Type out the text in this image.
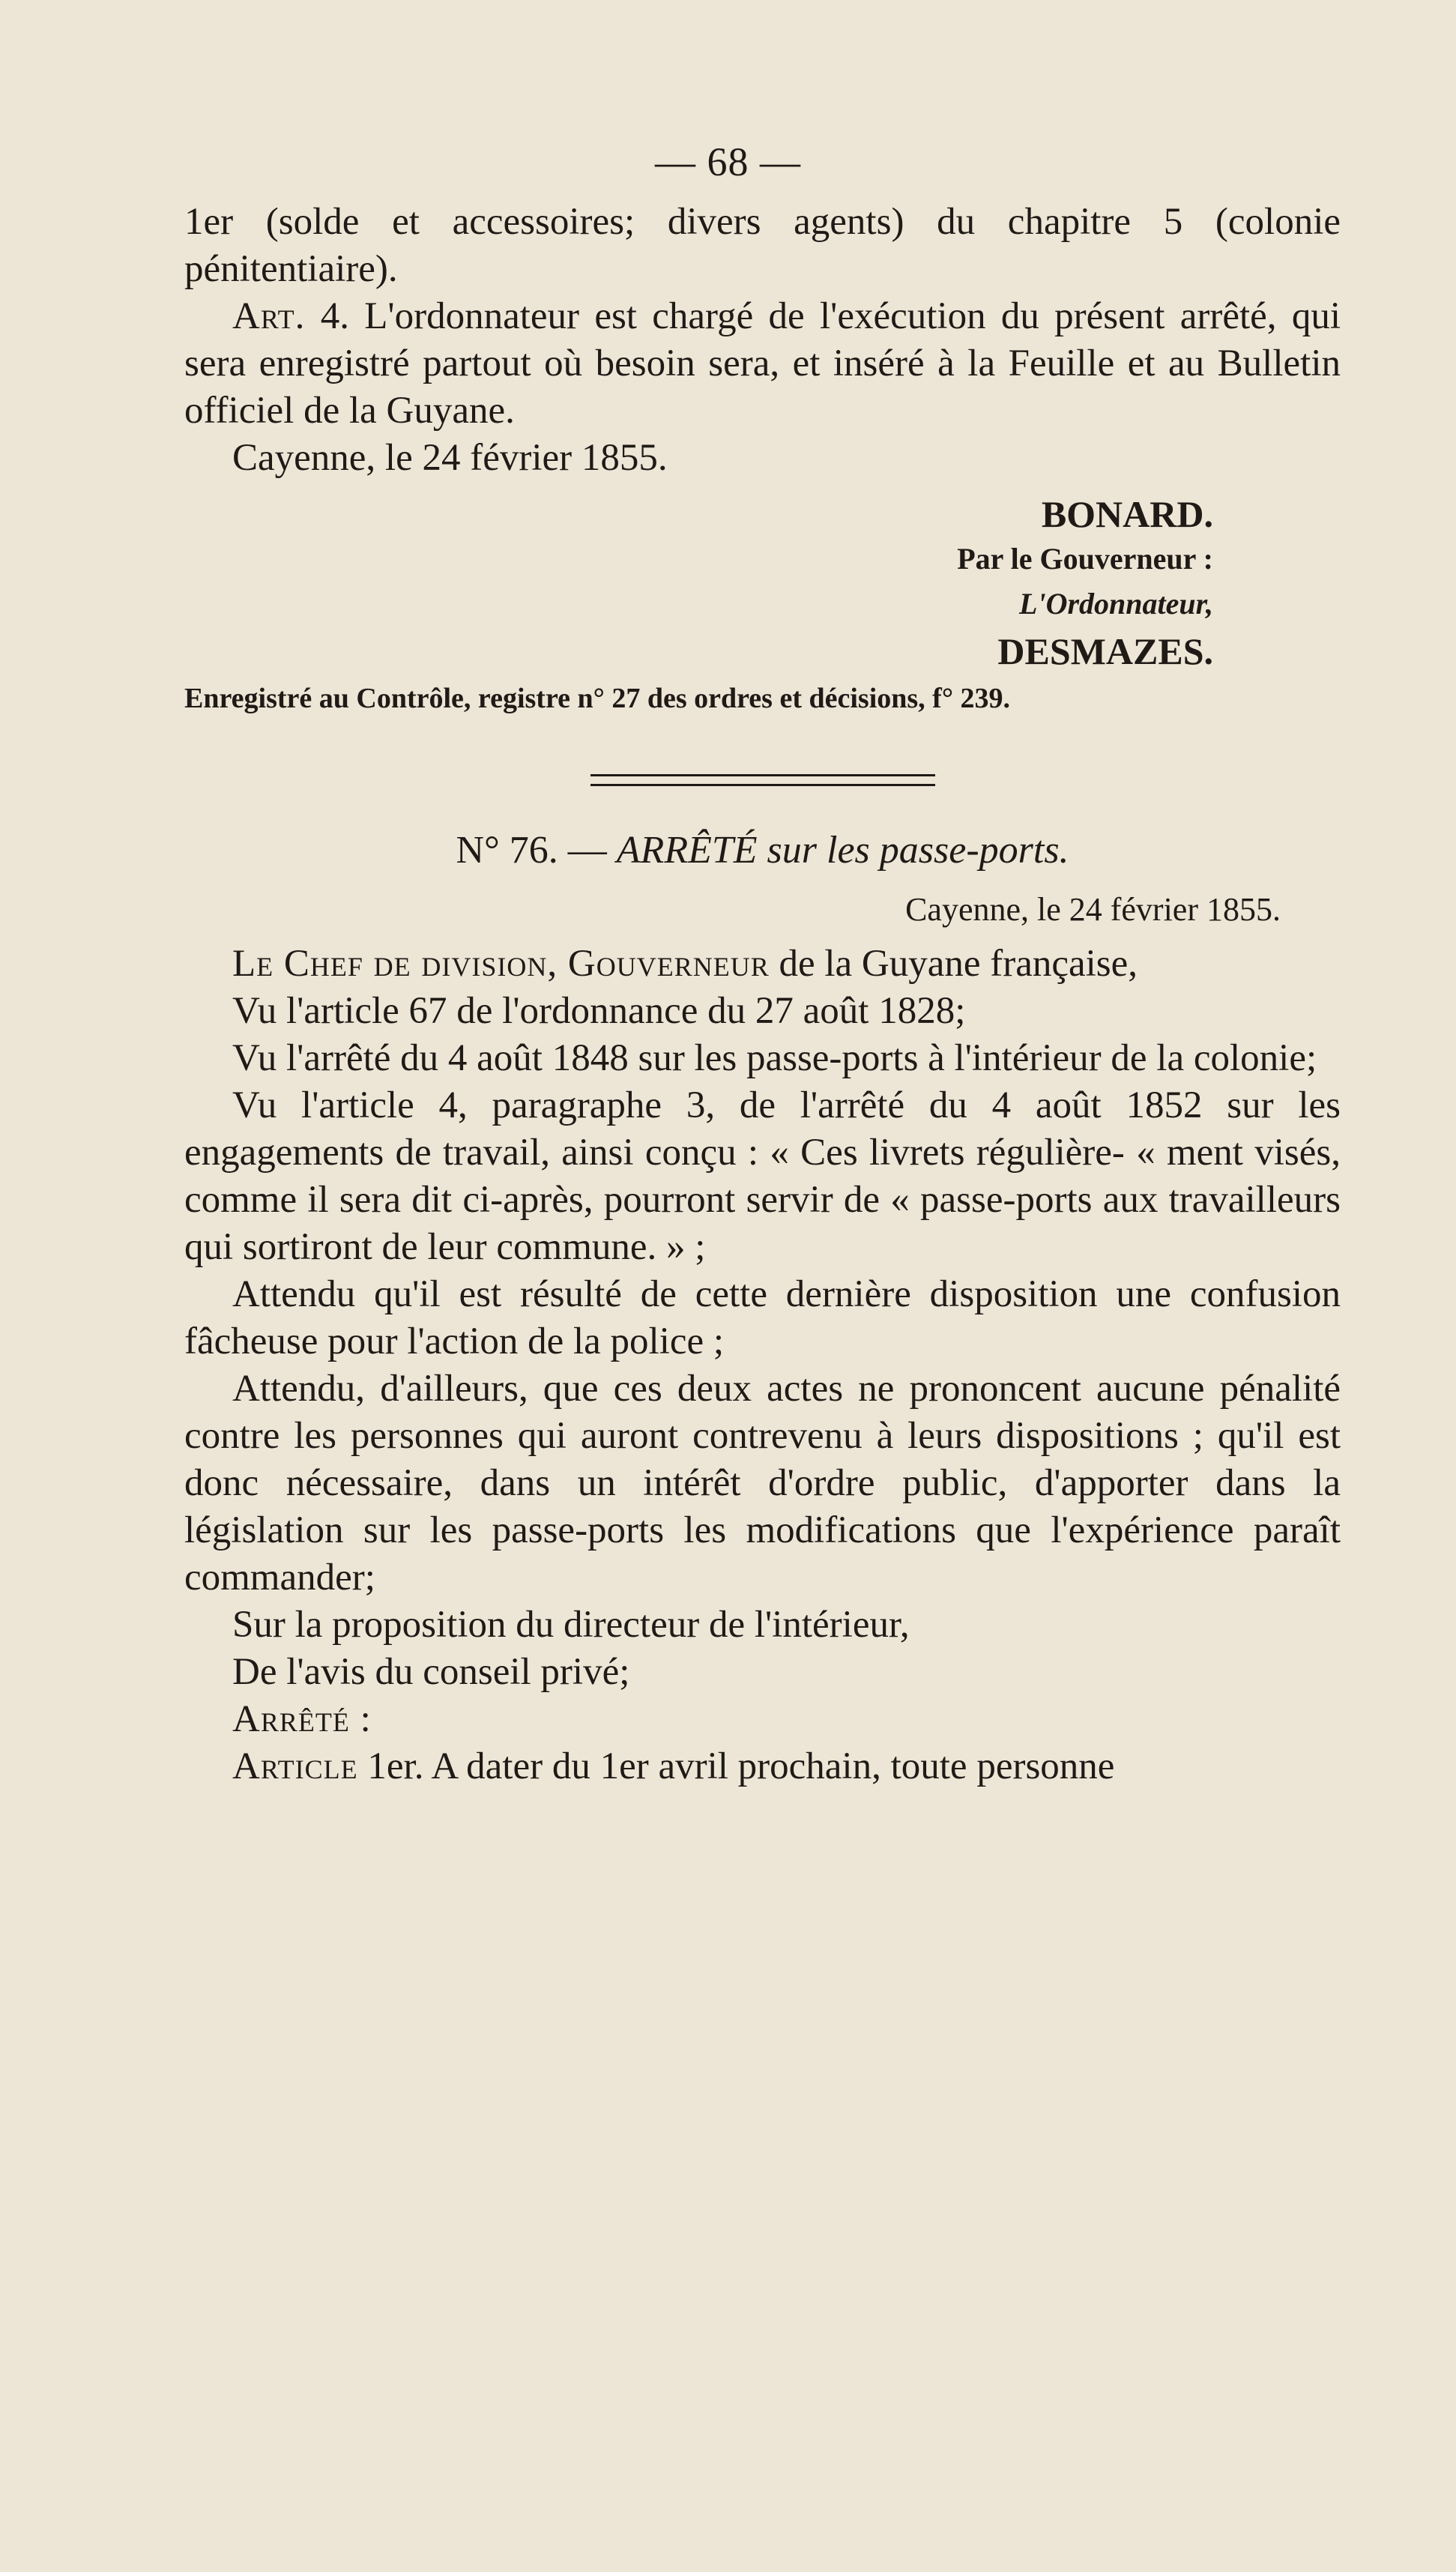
— 68 —

1er (solde et accessoires; divers agents) du chapitre 5 (colonie pénitentiaire).

Art. 4. L'ordonnateur est chargé de l'exécution du présent arrêté, qui sera enregistré partout où besoin sera, et inséré à la Feuille et au Bulletin officiel de la Guyane.

Cayenne, le 24 février 1855.

BONARD.

Par le Gouverneur :

L'Ordonnateur,

DESMAZES.

Enregistré au Contrôle, registre n° 27 des ordres et décisions, f° 239.

N° 76. — ARRÊTÉ sur les passe-ports.

Cayenne, le 24 février 1855.

Le Chef de division, Gouverneur de la Guyane française,

Vu l'article 67 de l'ordonnance du 27 août 1828;

Vu l'arrêté du 4 août 1848 sur les passe-ports à l'intérieur de la colonie;

Vu l'article 4, paragraphe 3, de l'arrêté du 4 août 1852 sur les engagements de travail, ainsi conçu : « Ces livrets régulière- « ment visés, comme il sera dit ci-après, pourront servir de « passe-ports aux travailleurs qui sortiront de leur commune. » ;

Attendu qu'il est résulté de cette dernière disposition une confusion fâcheuse pour l'action de la police ;

Attendu, d'ailleurs, que ces deux actes ne prononcent aucune pénalité contre les personnes qui auront contrevenu à leurs dispositions ; qu'il est donc nécessaire, dans un intérêt d'ordre public, d'apporter dans la législation sur les passe-ports les modifications que l'expérience paraît commander;

Sur la proposition du directeur de l'intérieur,

De l'avis du conseil privé;

Arrêté :

Article 1er. A dater du 1er avril prochain, toute personne
